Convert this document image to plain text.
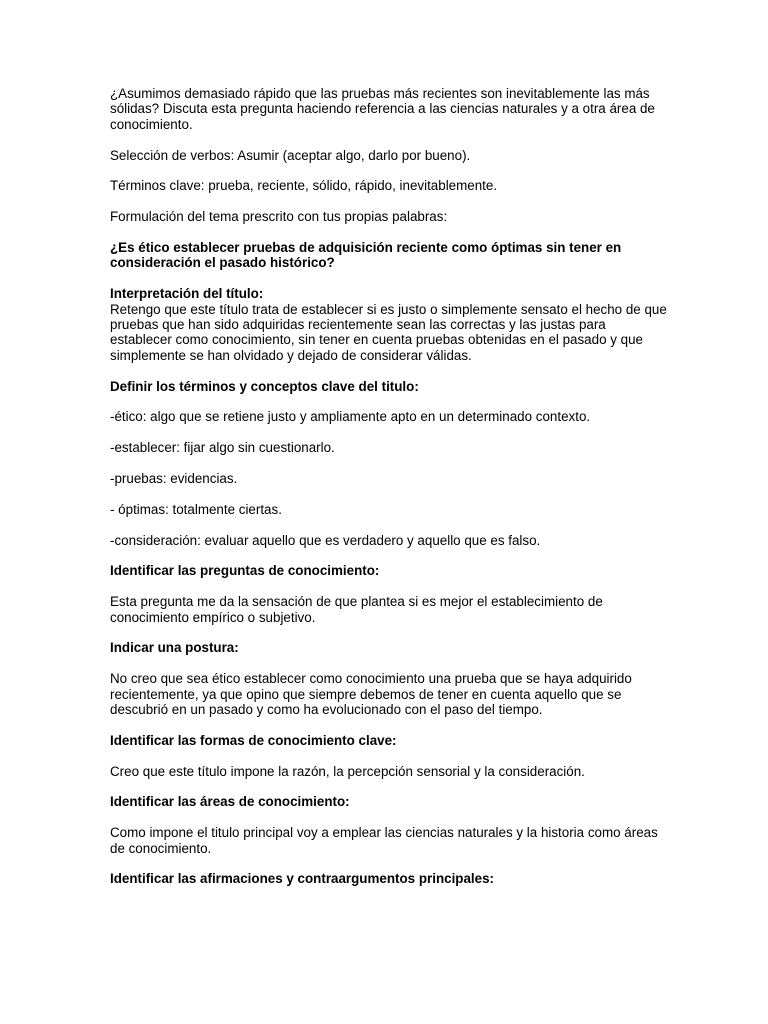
¿Asumimos demasiado rápido que las pruebas más recientes son inevitablemente las más sólidas? Discuta esta pregunta haciendo referencia a las ciencias naturales y a otra área de conocimiento.

Selección de verbos: Asumir (aceptar algo, darlo por bueno).

Términos clave: prueba, reciente, sólido, rápido, inevitablemente.

Formulación del tema prescrito con tus propias palabras:

¿Es ético establecer pruebas de adquisición reciente como óptimas sin tener en consideración el pasado histórico?

Interpretación del título:
Retengo que este título trata de establecer si es justo o simplemente sensato el hecho de que pruebas que han sido adquiridas recientemente sean las correctas y las justas para establecer como conocimiento, sin tener en cuenta pruebas obtenidas en el pasado y que simplemente se han olvidado y dejado de considerar válidas.

Definir los términos y conceptos clave del titulo:

-ético: algo que se retiene justo y ampliamente apto en un determinado contexto.

-establecer: fijar algo sin cuestionarlo.

-pruebas: evidencias.

- óptimas: totalmente ciertas.

-consideración: evaluar aquello que es verdadero y aquello que es falso.

Identificar las preguntas de conocimiento:

Esta pregunta me da la sensación de que plantea si es mejor el establecimiento de conocimiento empírico o subjetivo.

Indicar una postura:

No creo que sea ético establecer como conocimiento una prueba que se haya adquirido recientemente, ya que opino que siempre debemos de tener en cuenta aquello que se descubrió en un pasado y como ha evolucionado con el paso del tiempo.

Identificar las formas de conocimiento clave:

Creo que este título impone la razón, la percepción sensorial y la consideración.

Identificar las áreas de conocimiento:

Como impone el titulo principal voy a emplear las ciencias naturales y la historia como áreas de conocimiento.

Identificar las afirmaciones y contraargumentos principales:
